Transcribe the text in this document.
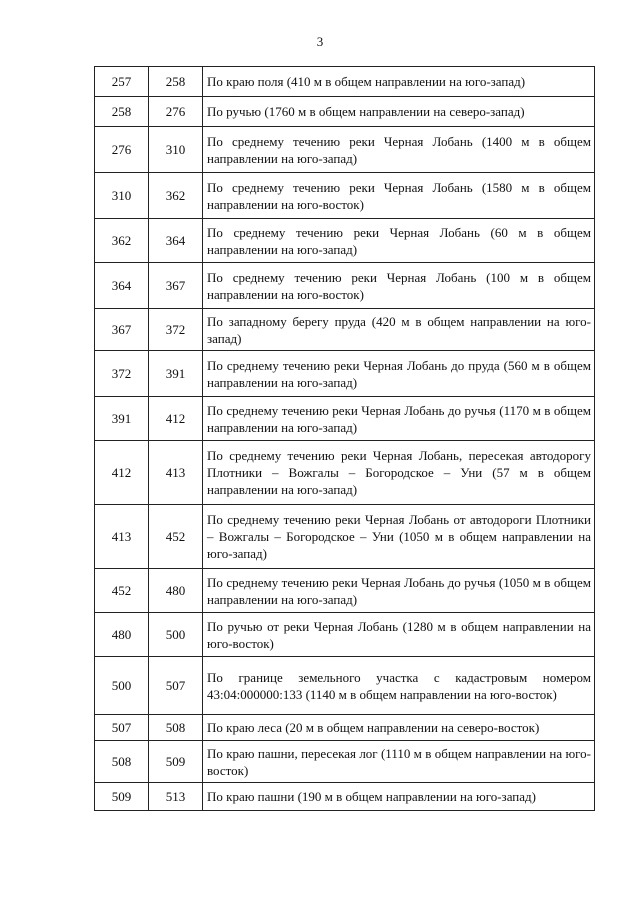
3
257	258	По краю поля (410 м в общем направлении на юго-запад)
258	276	По ручью (1760 м в общем направлении на северо-запад)
276	310	По среднему течению реки Черная Лобань (1400 м в общем направлении на юго-запад)
310	362	По среднему течению реки Черная Лобань (1580 м в общем направлении на юго-восток)
362	364	По среднему течению реки Черная Лобань (60 м в общем направлении на юго-запад)
364	367	По среднему течению реки Черная Лобань (100 м в общем направлении на юго-восток)
367	372	По западному берегу пруда (420 м в общем направлении на юго-запад)
372	391	По среднему течению реки Черная Лобань до пруда (560 м в общем направлении на юго-запад)
391	412	По среднему течению реки Черная Лобань до ручья (1170 м в общем направлении на юго-запад)
412	413	По среднему течению реки Черная Лобань, пересекая автодорогу Плотники – Вожгалы – Богородское – Уни (57 м в общем направлении на юго-запад)
413	452	По среднему течению реки Черная Лобань от автодороги Плотники – Вожгалы – Богородское – Уни (1050 м в общем направлении на юго-запад)
452	480	По среднему течению реки Черная Лобань до ручья (1050 м в общем направлении на юго-запад)
480	500	По ручью от реки Черная Лобань (1280 м в общем направлении на юго-восток)
500	507	По границе земельного участка с кадастровым номером 43:04:000000:133 (1140 м в общем направлении на юго-восток)
507	508	По краю леса (20 м в общем направлении на северо-восток)
508	509	По краю пашни, пересекая лог (1110 м в общем направлении на юго-восток)
509	513	По краю пашни (190 м в общем направлении на юго-запад)
